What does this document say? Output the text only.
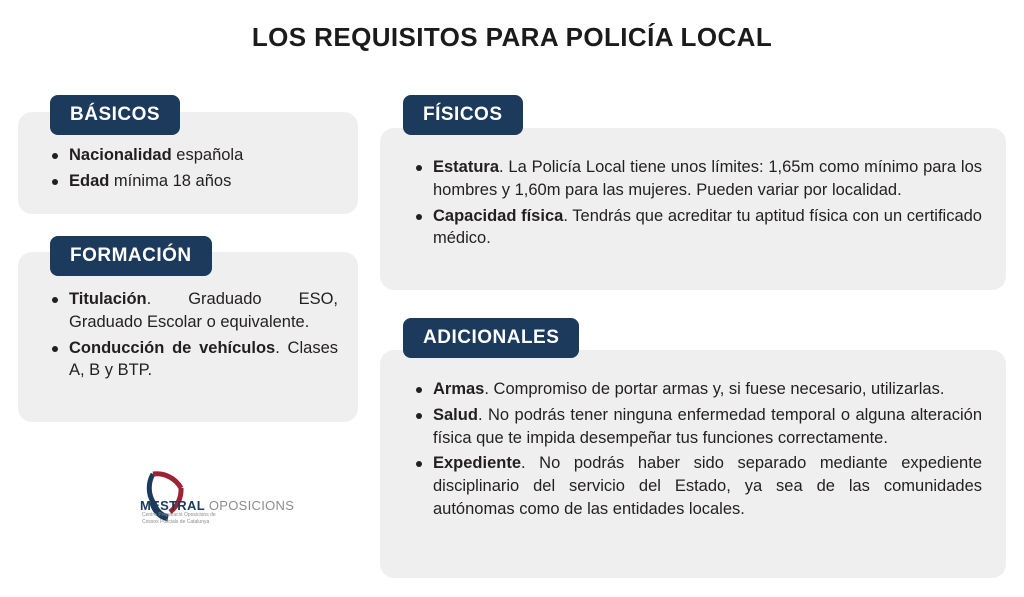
LOS REQUISITOS PARA POLICÍA LOCAL
Nacionalidad española
Edad mínima 18 años
BÁSICOS
Titulación. Graduado ESO, Graduado Escolar o equivalente.
Conducción de vehículos. Clases A, B y BTP.
FORMACIÓN
Estatura. La Policía Local tiene unos límites: 1,65m como mínimo para los hombres y 1,60m para las mujeres. Pueden variar por localidad.
Capacidad física. Tendrás que acreditar tu aptitud física con un certificado médico.
FÍSICOS
Armas. Compromiso de portar armas y, si fuese necesario, utilizarlas.
Salud. No podrás tener ninguna enfermedad temporal o alguna alteración física que te impida desempeñar tus funciones correctamente.
Expediente. No podrás haber sido separado mediante expediente disciplinario del servicio del Estado, ya sea de las comunidades autónomas como de las entidades locales.
ADICIONALES
MESTRAL OPOSICIONS
Centre Preparació Oposicions de
Cossos Policials de Catalunya
